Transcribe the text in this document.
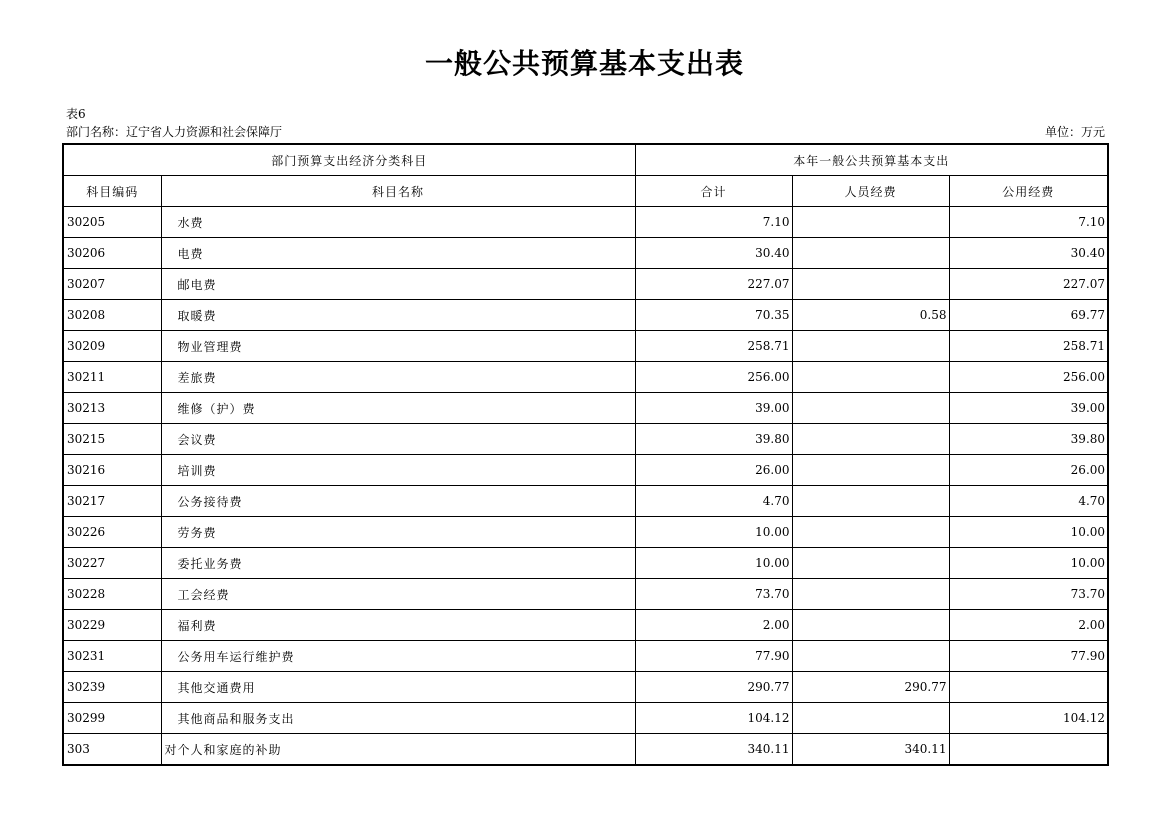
一般公共预算基本支出表
表6
部门名称：辽宁省人力资源和社会保障厅	单位：万元
部门预算支出经济分类科目		本年一般公共预算基本支出		
科目编码	科目名称	合计	人员经费	公用经费
30205	水费	7.10		7.10
30206	电费	30.40		30.40
30207	邮电费	227.07		227.07
30208	取暖费	70.35	0.58	69.77
30209	物业管理费	258.71		258.71
30211	差旅费	256.00		256.00
30213	维修（护）费	39.00		39.00
30215	会议费	39.80		39.80
30216	培训费	26.00		26.00
30217	公务接待费	4.70		4.70
30226	劳务费	10.00		10.00
30227	委托业务费	10.00		10.00
30228	工会经费	73.70		73.70
30229	福利费	2.00		2.00
30231	公务用车运行维护费	77.90		77.90
30239	其他交通费用	290.77	290.77	
30299	其他商品和服务支出	104.12		104.12
303	对个人和家庭的补助	340.11	340.11	
